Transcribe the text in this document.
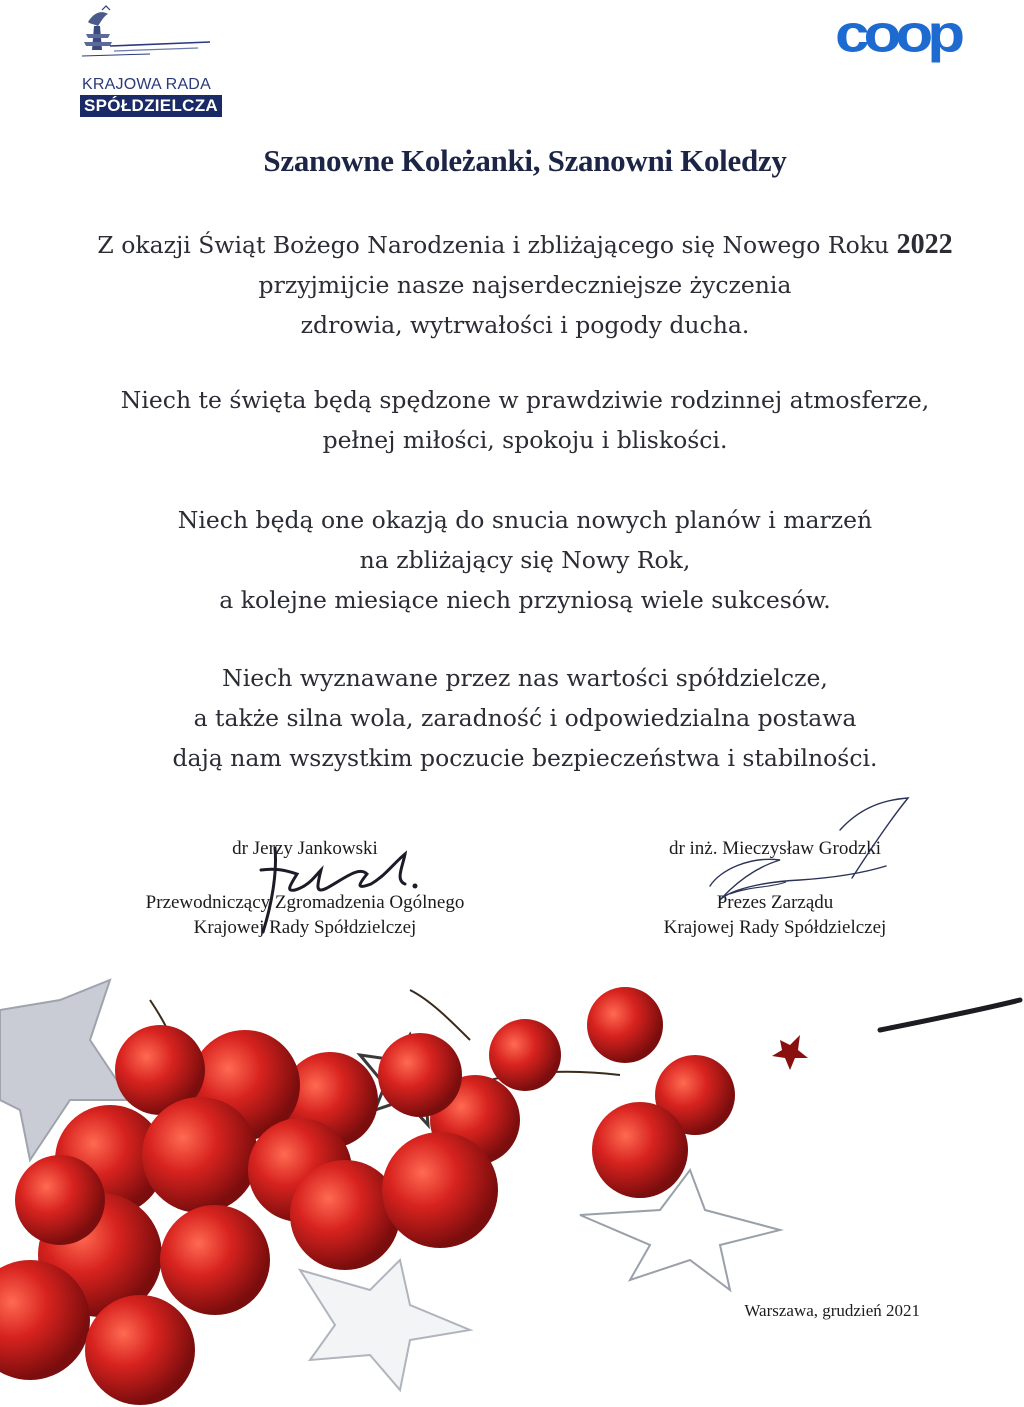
KRAJOWA RADA
SPÓŁDZIELCZA
coop
Szanowne Koleżanki, Szanowni Koledzy
Z okazji Świąt Bożego Narodzenia i zbliżającego się Nowego Roku 2022
przyjmijcie nasze najserdeczniejsze życzenia
zdrowia, wytrwałości i pogody ducha.
Niech te święta będą spędzone w prawdziwie rodzinnej atmosferze,
pełnej miłości, spokoju i bliskości.
Niech będą one okazją do snucia nowych planów i marzeń
na zbliżający się Nowy Rok,
a kolejne miesiące niech przyniosą wiele sukcesów.
Niech wyznawane przez nas wartości spółdzielcze,
a także silna wola, zaradność i odpowiedzialna postawa
dają nam wszystkim poczucie bezpieczeństwa i stabilności.
dr Jerzy Jankowski
Przewodniczący Zgromadzenia Ogólnego
Krajowej Rady Spółdzielczej
dr inż. Mieczysław Grodzki
Prezes Zarządu
Krajowej Rady Spółdzielczej
Warszawa, grudzień 2021
